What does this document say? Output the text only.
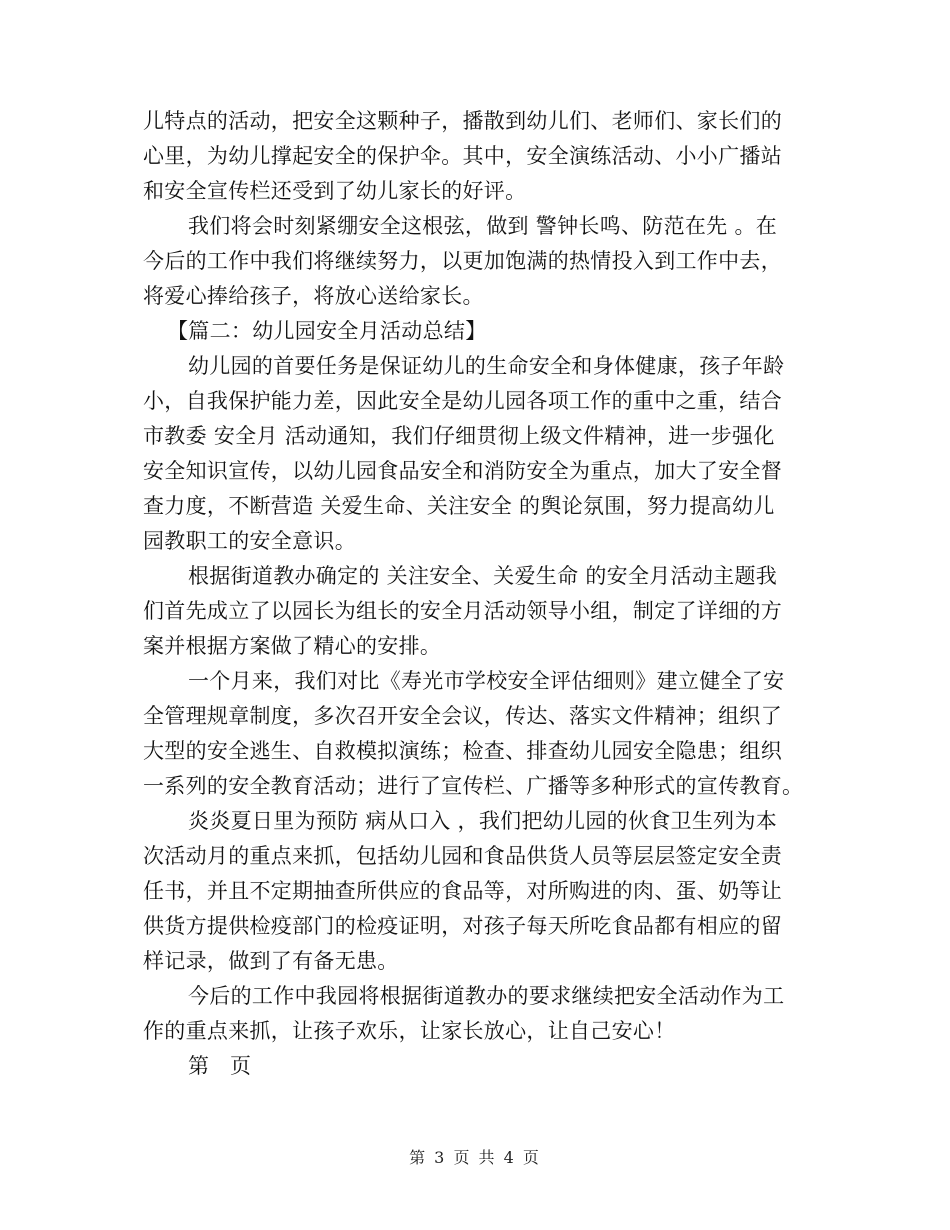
儿特点的活动，把安全这颗种子，播散到幼儿们、老师们、家长们的
心里，为幼儿撑起安全的保护伞。其中，安全演练活动、小小广播站
和安全宣传栏还受到了幼儿家长的好评。
我们将会时刻紧绷安全这根弦，做到 警钟长鸣、防范在先 。在
今后的工作中我们将继续努力，以更加饱满的热情投入到工作中去，
将爱心捧给孩子，将放心送给家长。
【篇二：幼儿园安全月活动总结】
幼儿园的首要任务是保证幼儿的生命安全和身体健康，孩子年龄
小，自我保护能力差，因此安全是幼儿园各项工作的重中之重，结合
市教委 安全月 活动通知，我们仔细贯彻上级文件精神，进一步强化
安全知识宣传，以幼儿园食品安全和消防安全为重点，加大了安全督
查力度，不断营造 关爱生命、关注安全 的舆论氛围，努力提高幼儿
园教职工的安全意识。
根据街道教办确定的 关注安全、关爱生命 的安全月活动主题我
们首先成立了以园长为组长的安全月活动领导小组，制定了详细的方
案并根据方案做了精心的安排。
一个月来，我们对比《寿光市学校安全评估细则》建立健全了安
全管理规章制度，多次召开安全会议，传达、落实文件精神；组织了
大型的安全逃生、自救模拟演练；检查、排查幼儿园安全隐患；组织
一系列的安全教育活动；进行了宣传栏、广播等多种形式的宣传教育。
炎炎夏日里为预防 病从口入 ，我们把幼儿园的伙食卫生列为本
次活动月的重点来抓，包括幼儿园和食品供货人员等层层签定安全责
任书，并且不定期抽查所供应的食品等，对所购进的肉、蛋、奶等让
供货方提供检疫部门的检疫证明，对孩子每天所吃食品都有相应的留
样记录，做到了有备无患。
今后的工作中我园将根据街道教办的要求继续把安全活动作为工
作的重点来抓，让孩子欢乐，让家长放心，让自己安心！
第　页
第 3 页 共 4 页
